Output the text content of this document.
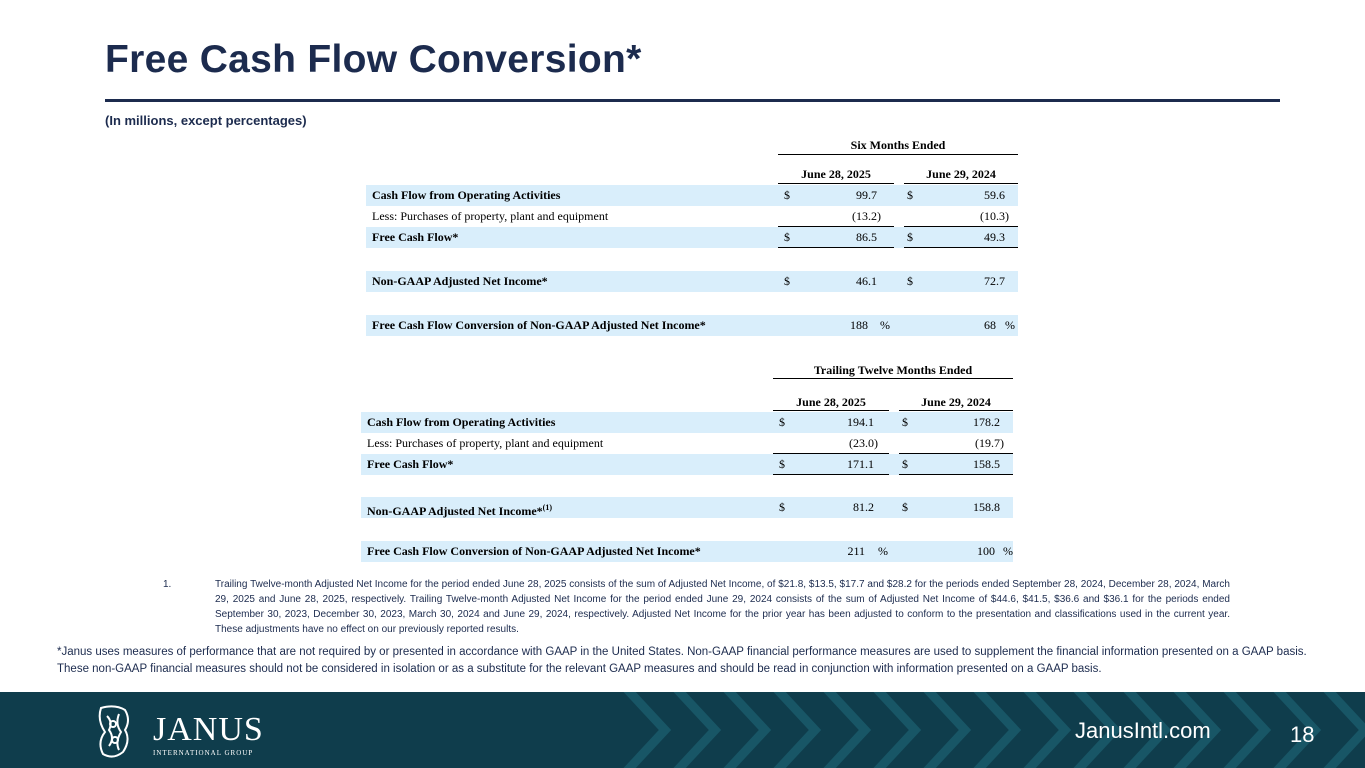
Free Cash Flow Conversion*
(In millions, except percentages)
Six Months Ended
June 28, 2025	June 29, 2024
Cash Flow from Operating Activities	$	99.7	$	59.6
Less: Purchases of property, plant and equipment	(13.2)	(10.3)
Free Cash Flow*	$	86.5	$	49.3
Non-GAAP Adjusted Net Income*	$	46.1	$	72.7
Free Cash Flow Conversion of Non-GAAP Adjusted Net Income*	188 %	68 %
Trailing Twelve Months Ended
June 28, 2025	June 29, 2024
Cash Flow from Operating Activities	$	194.1 $	178.2
Less: Purchases of property, plant and equipment	(23.0)	(19.7)
Free Cash Flow*	$	171.1 $	158.5
Non-GAAP Adjusted Net Income*$^{(1)}$	$	81.2 $	158.8
Free Cash Flow Conversion of Non-GAAP Adjusted Net Income*	211 %	100 %
1.	Trailing Twelve-month Adjusted Net Income for the period ended June 28, 2025 consists of the sum of Adjusted Net Income, of $21.8, $13.5, $17.7 and $28.2 for the periods ended September 28, 2024, December 28, 2024, March 29, 2025 and June 28, 2025, respectively. Trailing Twelve-month Adjusted Net Income for the period ended June 29, 2024 consists of the sum of Adjusted Net Income of $44.6, $41.5, $36.6 and $36.1 for the periods ended September 30, 2023, December 30, 2023, March 30, 2024 and June 29, 2024, respectively. Adjusted Net Income for the prior year has been adjusted to conform to the presentation and classifications used in the current year. These adjustments have no effect on our previously reported results.
*Janus uses measures of performance that are not required by or presented in accordance with GAAP in the United States. Non-GAAP financial performance measures are used to supplement the financial information presented on a GAAP basis. These non-GAAP financial measures should not be considered in isolation or as a substitute for the relevant GAAP measures and should be read in conjunction with information presented on a GAAP basis.
JANUS
INTERNATIONAL GROUP
JanusIntl.com	18
